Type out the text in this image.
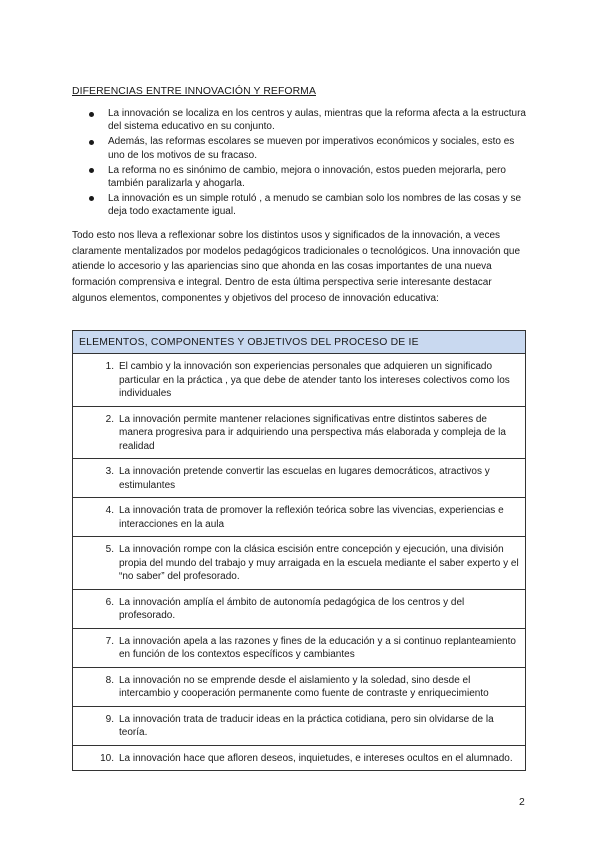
DIFERENCIAS ENTRE INNOVACIÓN Y REFORMA
La innovación se localiza en los centros y aulas, mientras que la reforma afecta a la estructura del sistema educativo en su conjunto.
Además, las reformas escolares se mueven por imperativos económicos y sociales, esto es uno de los motivos de su fracaso.
La reforma no es sinónimo de cambio, mejora o innovación, estos pueden mejorarla, pero también paralizarla y ahogarla.
La innovación es un simple rotuló , a menudo se cambian solo los nombres de las cosas y se deja todo exactamente igual.

Todo esto nos lleva a reflexionar sobre los distintos usos y significados de la innovación, a veces claramente mentalizados por modelos pedagógicos tradicionales o tecnológicos. Una innovación que atiende lo accesorio y las apariencias sino que ahonda en las cosas importantes de una nueva formación comprensiva e integral. Dentro de esta última perspectiva serie interesante destacar algunos elementos, componentes y objetivos del proceso de innovación educativa:

ELEMENTOS, COMPONENTES Y OBJETIVOS DEL PROCESO DE IE

1. El cambio y la innovación son experiencias personales que adquieren un significado particular en la práctica , ya que debe de atender tanto los intereses colectivos como los individuales

2. La innovación permite mantener relaciones significativas entre distintos saberes de manera progresiva para ir adquiriendo una perspectiva más elaborada y compleja de la realidad

3. La innovación pretende convertir las escuelas en lugares democráticos, atractivos y estimulantes

4. La innovación trata de promover la reflexión teórica sobre las vivencias, experiencias e interacciones en la aula

5. La innovación rompe con la clásica escisión entre concepción y ejecución, una división propia del mundo del trabajo y muy arraigada en la escuela mediante el saber experto y el “no saber” del profesorado.

6. La innovación amplía el ámbito de autonomía pedagógica de los centros y del profesorado.

7. La innovación apela a las razones y fines de la educación y a si continuo replanteamiento en función de los contextos específicos y cambiantes

8. La innovación no se emprende desde el aislamiento y la soledad, sino desde el intercambio y cooperación permanente como fuente de contraste y enriquecimiento

9. La innovación trata de traducir ideas en la práctica cotidiana, pero sin olvidarse de la teoría.

10. La innovación hace que afloren deseos, inquietudes, e intereses ocultos en el alumnado.
2
